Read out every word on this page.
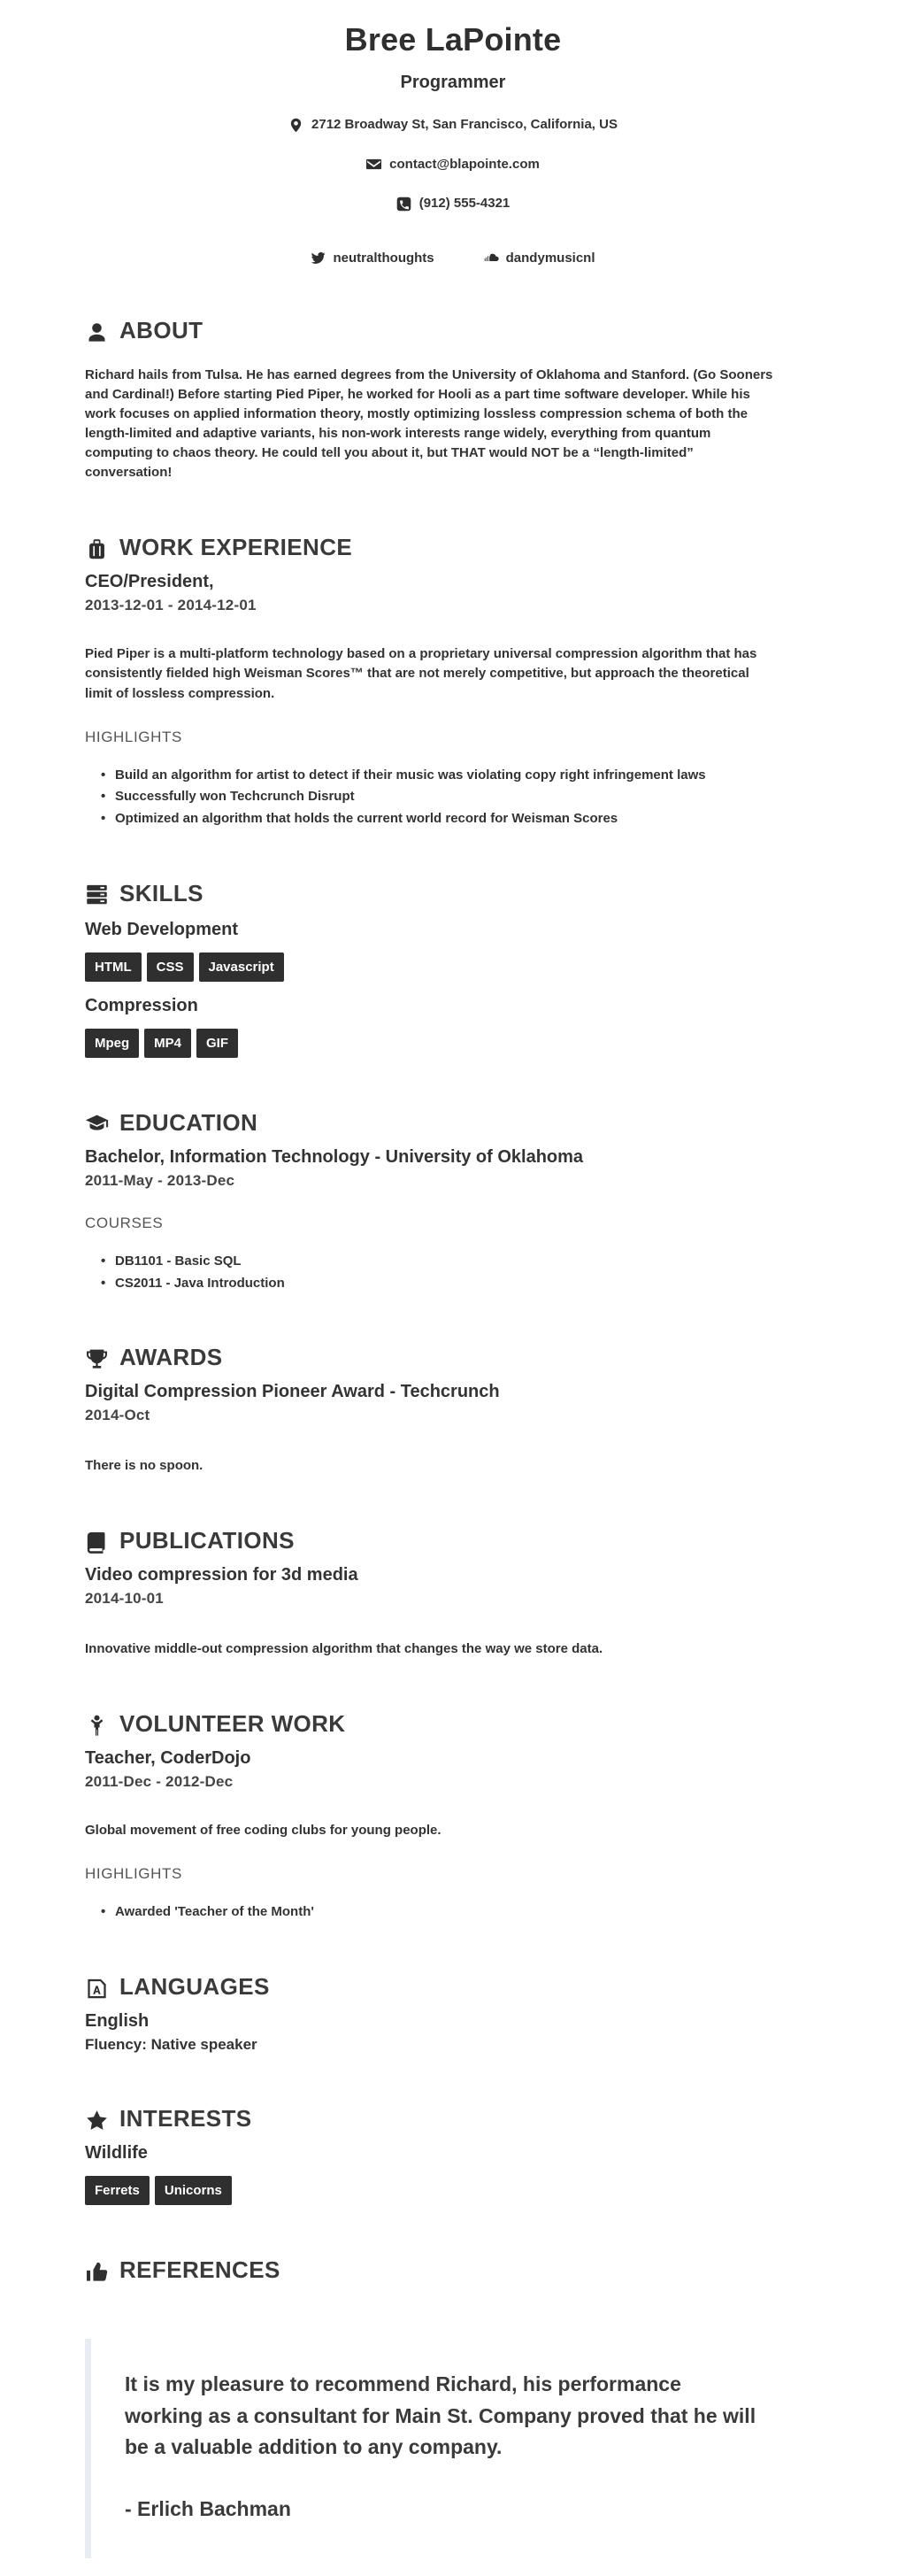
Bree LaPointe
Programmer
2712 Broadway St, San Francisco, California, US
contact@blapointe.com
(912) 555-4321
neutralthoughts	dandymusicnl
ABOUT

Richard hails from Tulsa. He has earned degrees from the University of Oklahoma and Stanford. (Go Sooners and Cardinal!) Before starting Pied Piper, he worked for Hooli as a part time software developer. While his work focuses on applied information theory, mostly optimizing lossless compression schema of both the length-limited and adaptive variants, his non-work interests range widely, everything from quantum computing to chaos theory. He could tell you about it, but THAT would NOT be a “length-limited” conversation!

WORK EXPERIENCE
CEO/President,
2013-12-01 - 2014-12-01

Pied Piper is a multi-platform technology based on a proprietary universal compression algorithm that has consistently fielded high Weisman Scores™ that are not merely competitive, but approach the theoretical limit of lossless compression.

HIGHLIGHTS
• Build an algorithm for artist to detect if their music was violating copy right infringement laws
• Successfully won Techcrunch Disrupt
• Optimized an algorithm that holds the current world record for Weisman Scores
SKILLS
Web Development
HTML	CSS	Javascript
Compression
Mpeg	MP4	GIF
EDUCATION
Bachelor, Information Technology - University of Oklahoma
2011-May - 2013-Dec
COURSES
• DB1101 - Basic SQL
• CS2011 - Java Introduction
AWARDS
Digital Compression Pioneer Award - Techcrunch
2014-Oct

There is no spoon.

PUBLICATIONS
Video compression for 3d media
2014-10-01

Innovative middle-out compression algorithm that changes the way we store data.

VOLUNTEER WORK
Teacher, CoderDojo
2011-Dec - 2012-Dec

Global movement of free coding clubs for young people.

HIGHLIGHTS
• Awarded 'Teacher of the Month'
LANGUAGES
English
Fluency: Native speaker
INTERESTS
Wildlife
Ferrets	Unicorns
REFERENCES

It is my pleasure to recommend Richard, his performance working as a consultant for Main St. Company proved that he will be a valuable addition to any company.

- Erlich Bachman
